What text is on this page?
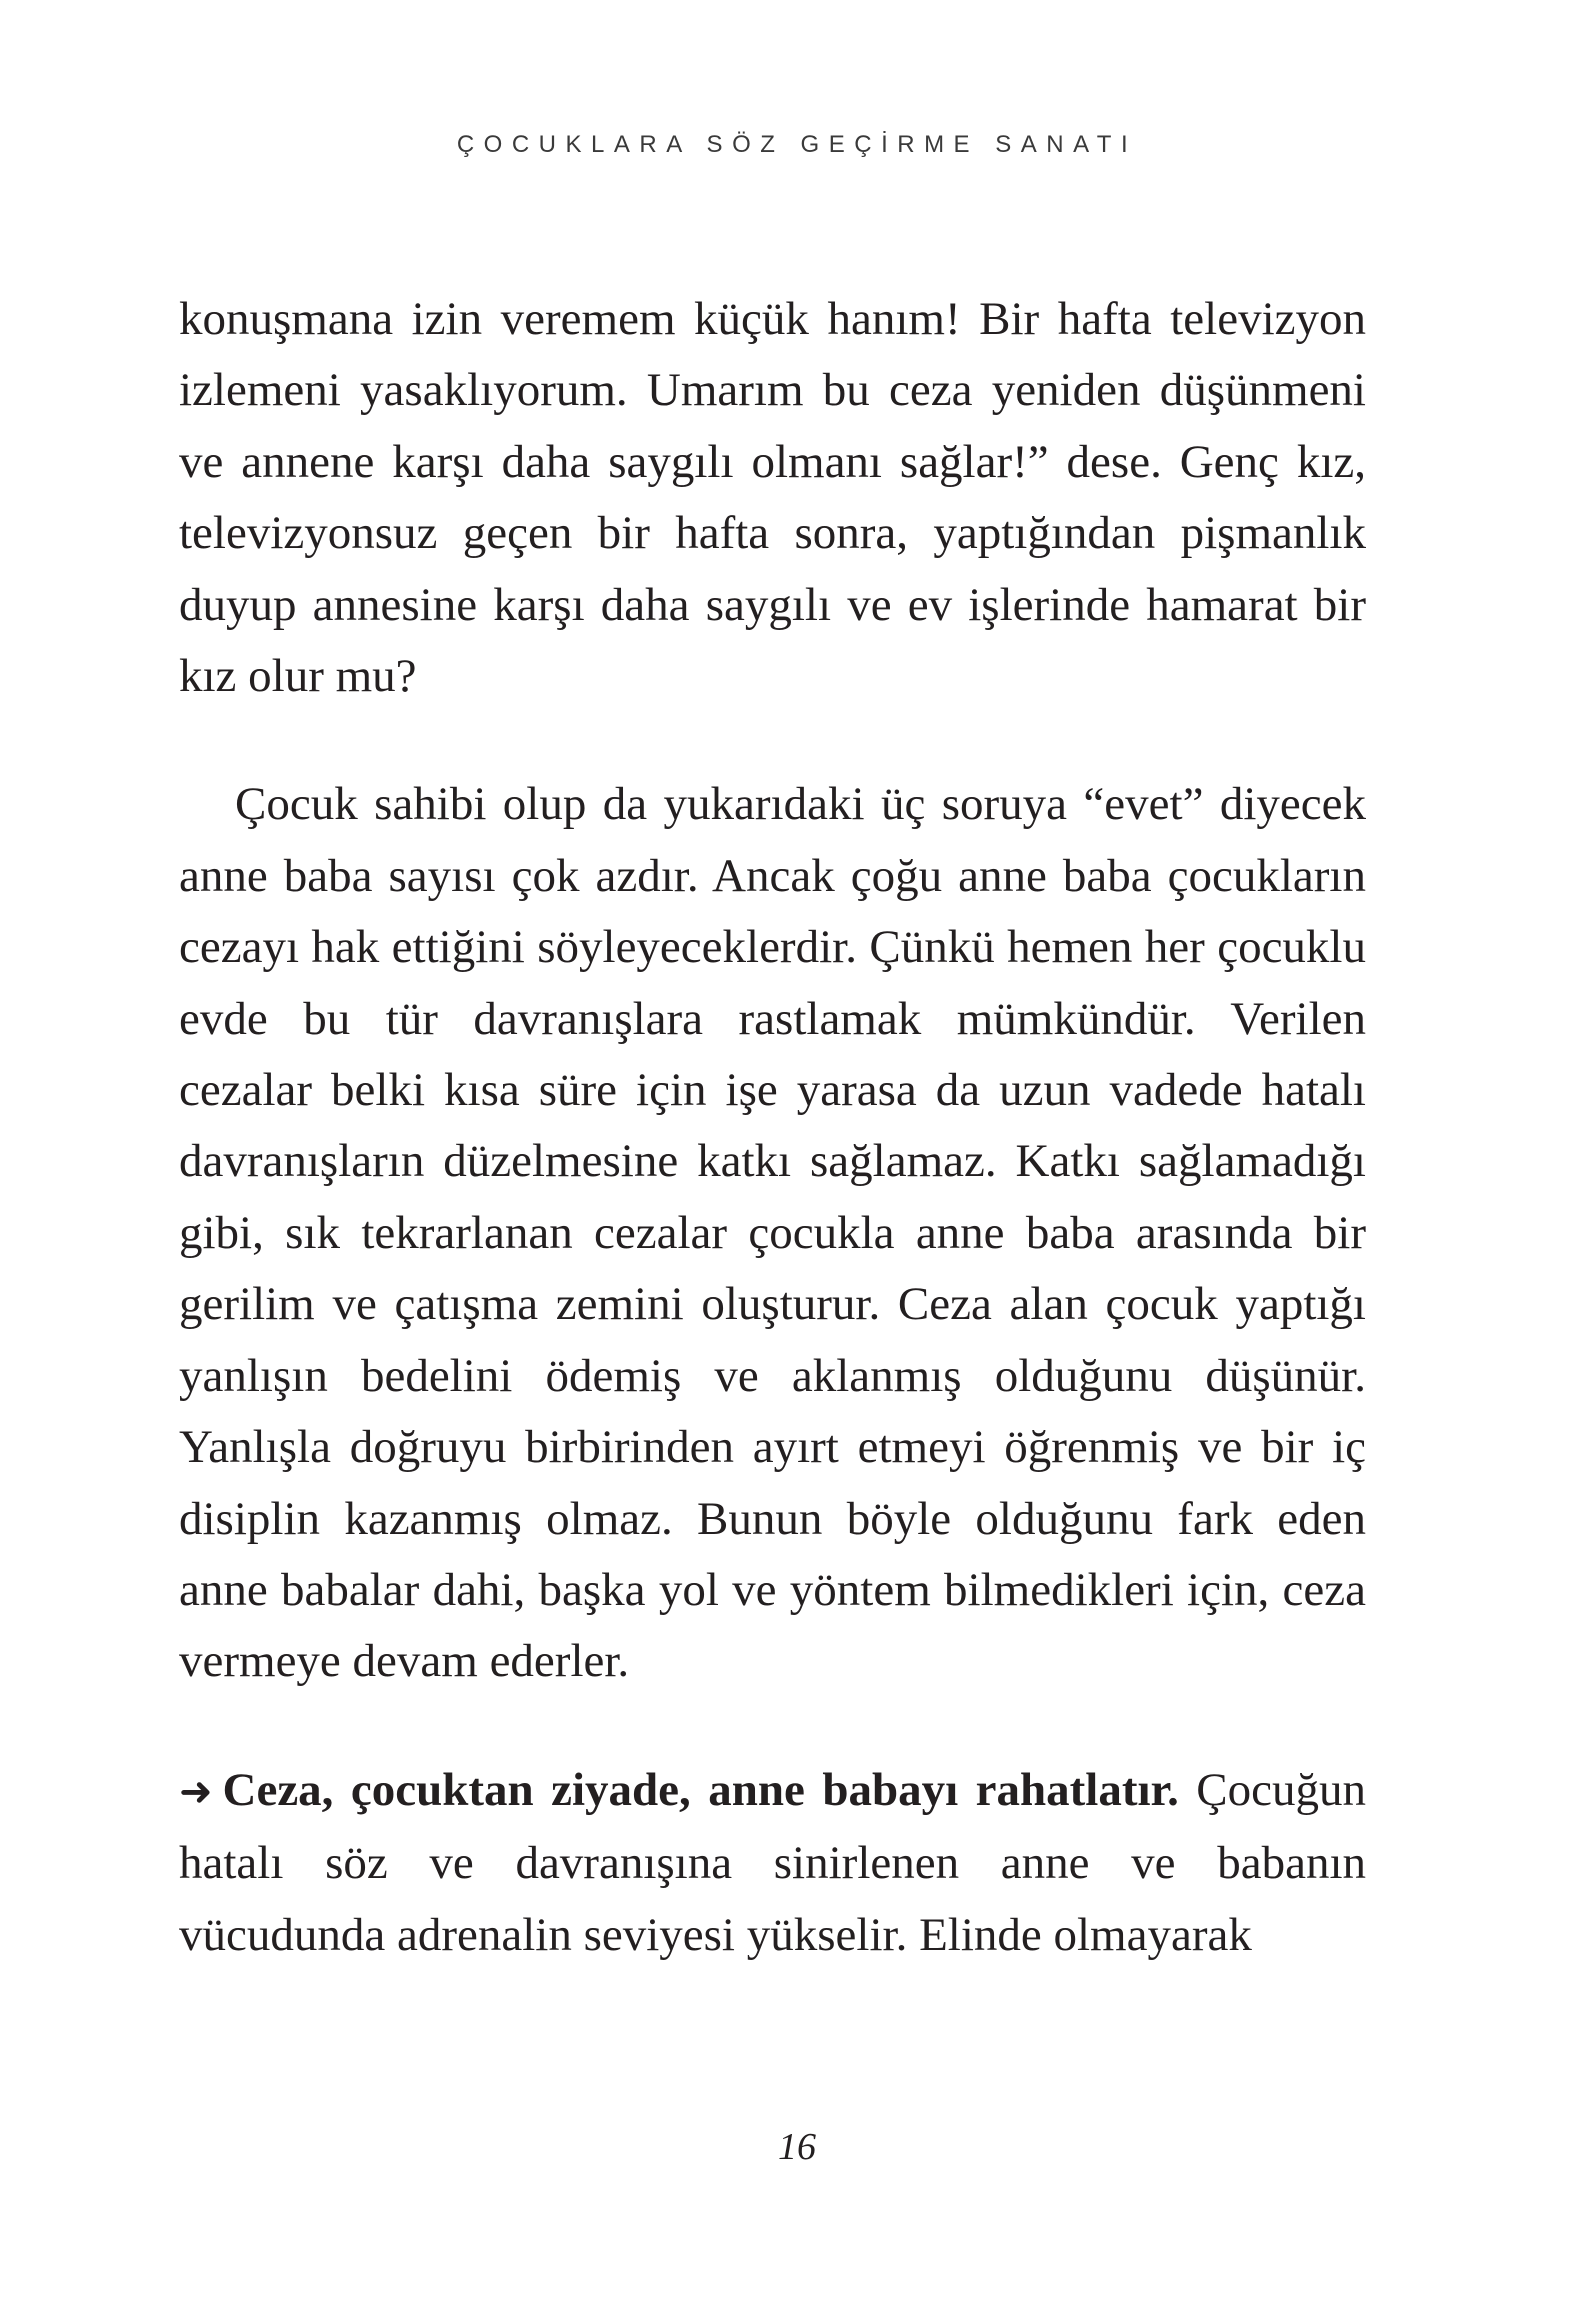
ÇOCUKLARA SÖZ GEÇİRME SANATI

konuşmana izin veremem küçük hanım! Bir hafta televizyon izlemeni yasaklıyorum. Umarım bu ceza yeniden düşünmeni ve annene karşı daha saygılı olmanı sağlar!” dese. Genç kız, televizyonsuz geçen bir hafta sonra, yaptığından pişmanlık duyup annesine karşı daha saygılı ve ev işlerinde hamarat bir kız olur mu?

Çocuk sahibi olup da yukarıdaki üç soruya “evet” diyecek anne baba sayısı çok azdır. Ancak çoğu anne baba çocukların cezayı hak ettiğini söyleyeceklerdir. Çünkü hemen her çocuklu evde bu tür davranışlara rastlamak mümkündür. Verilen cezalar belki kısa süre için işe yarasa da uzun vadede hatalı davranışların düzelmesine katkı sağlamaz. Katkı sağlamadığı gibi, sık tekrarlanan cezalar çocukla anne baba arasında bir gerilim ve çatışma zemini oluşturur. Ceza alan çocuk yaptığı yanlışın bedelini ödemiş ve aklanmış olduğunu düşünür. Yanlışla doğruyu birbirinden ayırt etmeyi öğrenmiş ve bir iç disiplin kazanmış olmaz. Bunun böyle olduğunu fark eden anne babalar dahi, başka yol ve yöntem bilmedikleri için, ceza vermeye devam ederler.

➜ Ceza, çocuktan ziyade, anne babayı rahatlatır. Çocuğun hatalı söz ve davranışına sinirlenen anne ve babanın vücudunda adrenalin seviyesi yükselir. Elinde olmayarak

16
